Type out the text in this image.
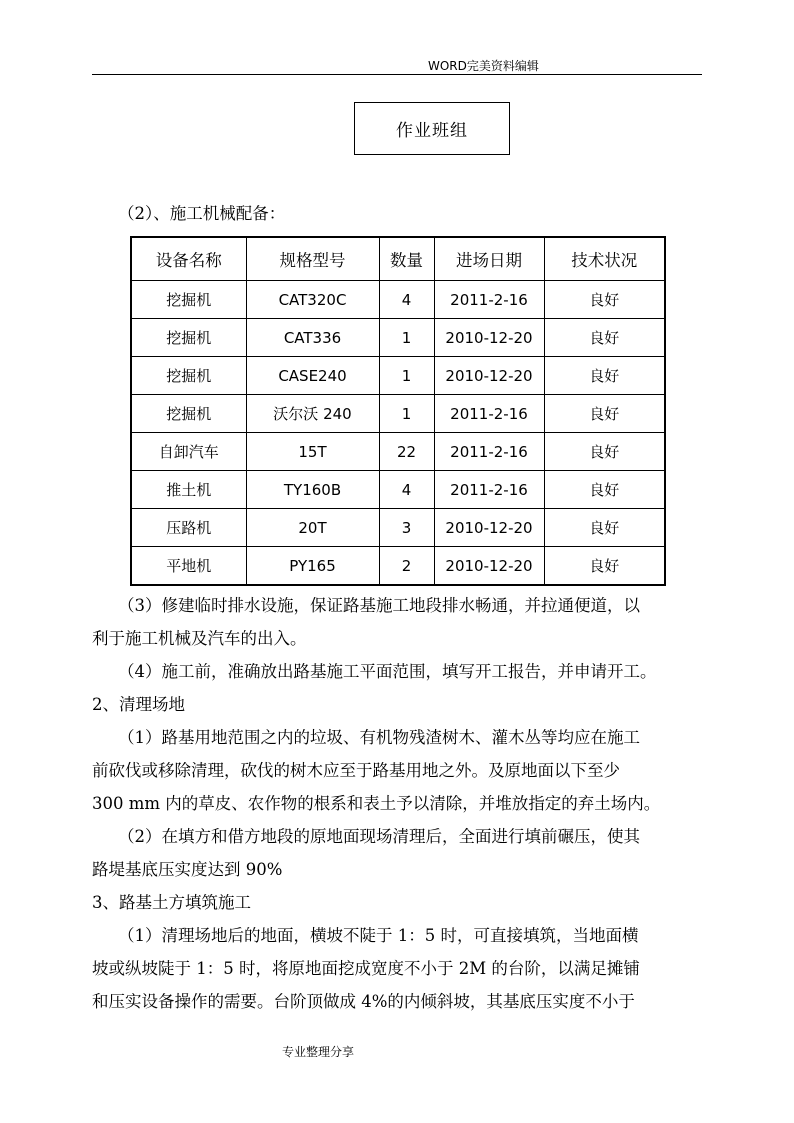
WORD完美资料编辑
作业班组
（2）、施工机械配备：
设备名称	规格型号	数量	进场日期	技术状况
挖掘机	CAT320C	4	2011-2-16	良好
挖掘机	CAT336	1	2010-12-20	良好
挖掘机	CASE240	1	2010-12-20	良好
挖掘机	沃尔沃 240	1	2011-2-16	良好
自卸汽车	15T	22	2011-2-16	良好
推土机	TY160B	4	2011-2-16	良好
压路机	20T	3	2010-12-20	良好
平地机	PY165	2	2010-12-20	良好
（3）修建临时排水设施，保证路基施工地段排水畅通，并拉通便道，以
利于施工机械及汽车的出入。
（4）施工前，准确放出路基施工平面范围，填写开工报告，并申请开工。
2、清理场地
（1）路基用地范围之内的垃圾、有机物残渣树木、灌木丛等均应在施工
前砍伐或移除清理，砍伐的树木应至于路基用地之外。及原地面以下至少
300 mm 内的草皮、农作物的根系和表土予以清除，并堆放指定的弃土场内。
（2）在填方和借方地段的原地面现场清理后，全面进行填前碾压，使其
路堤基底压实度达到 90%
3、路基土方填筑施工
（1）清理场地后的地面，横坡不陡于 1：5 时，可直接填筑，当地面横
坡或纵坡陡于 1：5 时，将原地面挖成宽度不小于 2M 的台阶，以满足摊铺
和压实设备操作的需要。台阶顶做成 4%的内倾斜坡，其基底压实度不小于
专业整理分享
